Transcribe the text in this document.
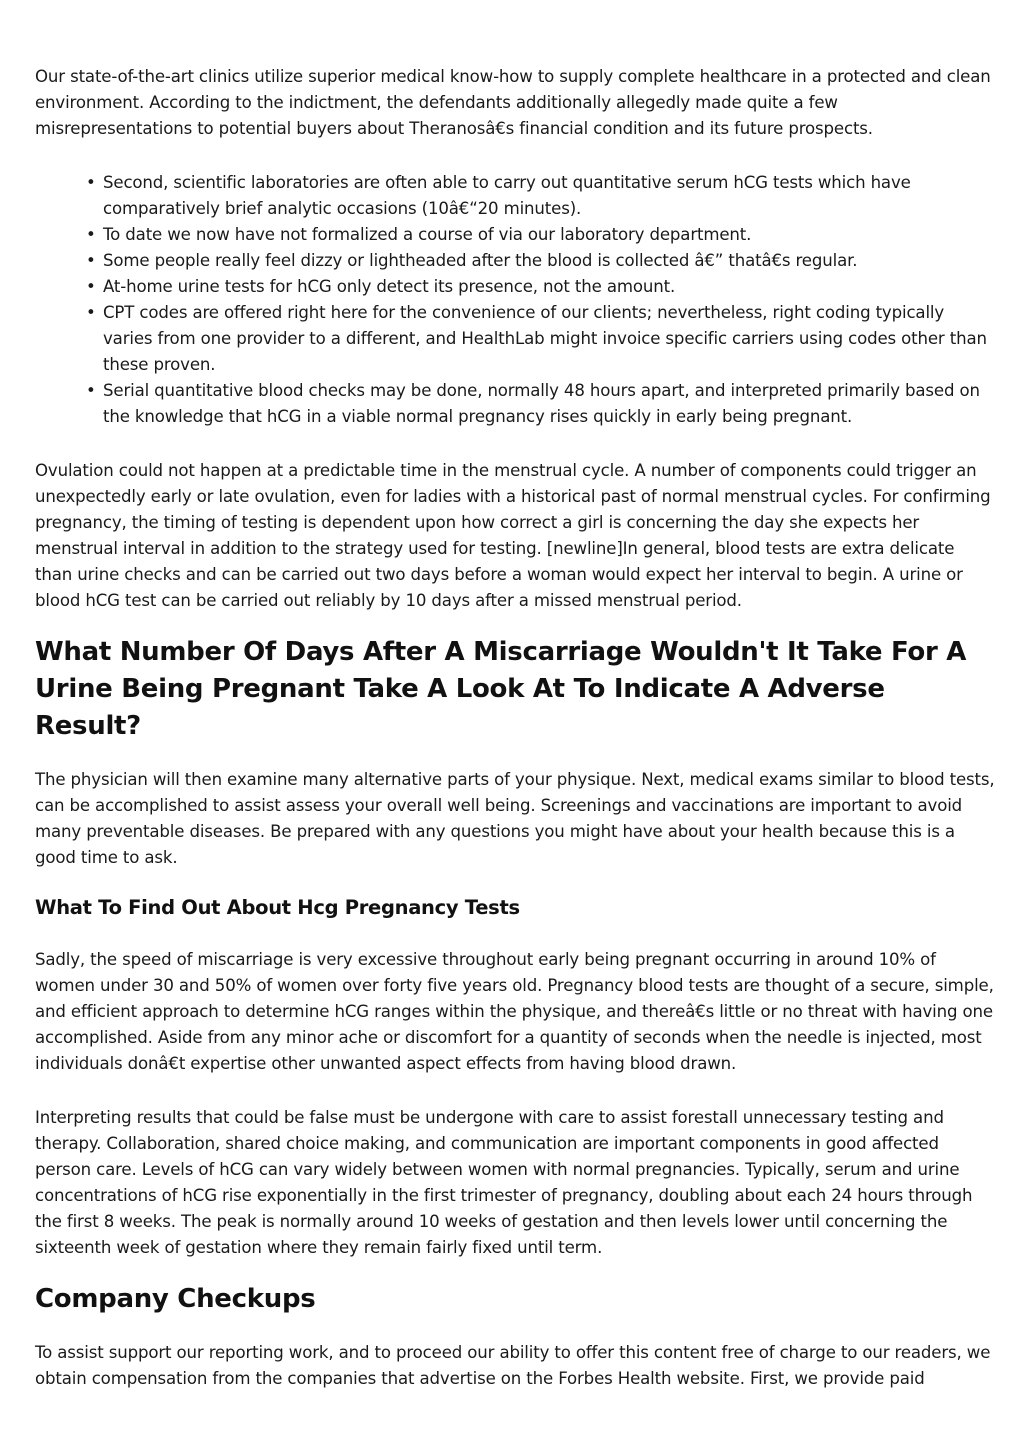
Our state-of-the-art clinics utilize superior medical know-how to supply complete healthcare in a protected and clean environment. According to the indictment, the defendants additionally allegedly made quite a few misrepresentations to potential buyers about Theranosâ€s financial condition and its future prospects.

• Second, scientific laboratories are often able to carry out quantitative serum hCG tests which have comparatively brief analytic occasions (10â€“20 minutes).
• To date we now have not formalized a course of via our laboratory department.
• Some people really feel dizzy or lightheaded after the blood is collected â€” thatâ€s regular.
• At-home urine tests for hCG only detect its presence, not the amount.
• CPT codes are offered right here for the convenience of our clients; nevertheless, right coding typically varies from one provider to a different, and HealthLab might invoice specific carriers using codes other than these proven.
• Serial quantitative blood checks may be done, normally 48 hours apart, and interpreted primarily based on the knowledge that hCG in a viable normal pregnancy rises quickly in early being pregnant.

Ovulation could not happen at a predictable time in the menstrual cycle. A number of components could trigger an unexpectedly early or late ovulation, even for ladies with a historical past of normal menstrual cycles. For confirming pregnancy, the timing of testing is dependent upon how correct a girl is concerning the day she expects her menstrual interval in addition to the strategy used for testing. [newline]In general, blood tests are extra delicate than urine checks and can be carried out two days before a woman would expect her interval to begin. A urine or blood hCG test can be carried out reliably by 10 days after a missed menstrual period.

What Number Of Days After A Miscarriage Wouldn't It Take For A Urine Being Pregnant Take A Look At To Indicate A Adverse Result?

The physician will then examine many alternative parts of your physique. Next, medical exams similar to blood tests, can be accomplished to assist assess your overall well being. Screenings and vaccinations are important to avoid many preventable diseases. Be prepared with any questions you might have about your health because this is a good time to ask.

What To Find Out About Hcg Pregnancy Tests

Sadly, the speed of miscarriage is very excessive throughout early being pregnant occurring in around 10% of women under 30 and 50% of women over forty five years old. Pregnancy blood tests are thought of a secure, simple, and efficient approach to determine hCG ranges within the physique, and thereâ€s little or no threat with having one accomplished. Aside from any minor ache or discomfort for a quantity of seconds when the needle is injected, most individuals donâ€t expertise other unwanted aspect effects from having blood drawn.

Interpreting results that could be false must be undergone with care to assist forestall unnecessary testing and therapy. Collaboration, shared choice making, and communication are important components in good affected person care. Levels of hCG can vary widely between women with normal pregnancies. Typically, serum and urine concentrations of hCG rise exponentially in the first trimester of pregnancy, doubling about each 24 hours through the first 8 weeks. The peak is normally around 10 weeks of gestation and then levels lower until concerning the sixteenth week of gestation where they remain fairly fixed until term.

Company Checkups

To assist support our reporting work, and to proceed our ability to offer this content free of charge to our readers, we obtain compensation from the companies that advertise on the Forbes Health website. First, we provide paid
